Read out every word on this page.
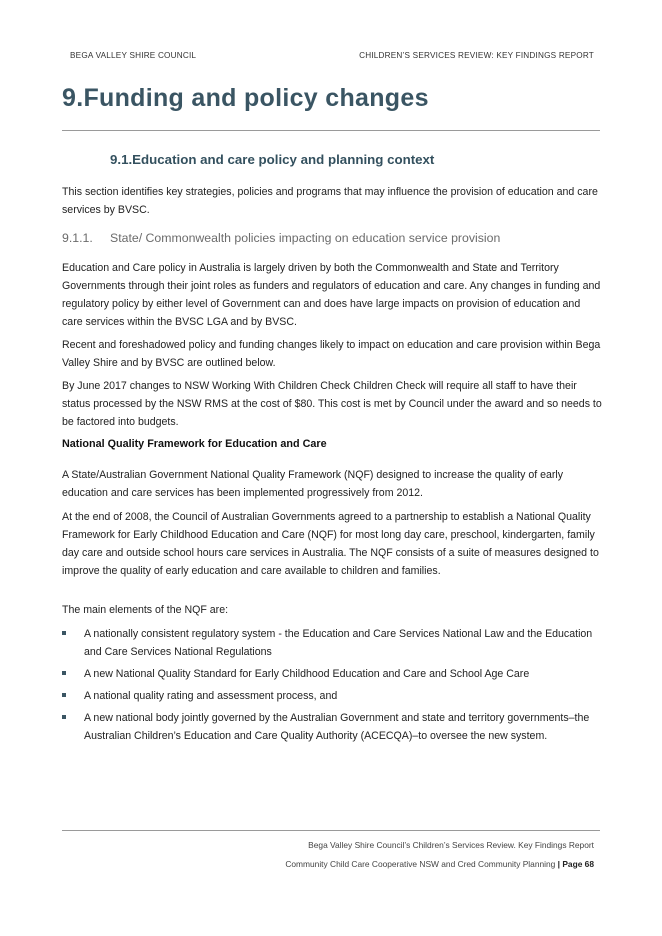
BEGA VALLEY SHIRE COUNCIL	CHILDREN’S SERVICES REVIEW: KEY FINDINGS REPORT
9.Funding and policy changes
9.1.Education and care policy and planning context

This section identifies key strategies, policies and programs that may influence the provision of education and care services by BVSC.

9.1.1. State/ Commonwealth policies impacting on education service provision

Education and Care policy in Australia is largely driven by both the Commonwealth and State and Territory Governments through their joint roles as funders and regulators of education and care. Any changes in funding and regulatory policy by either level of Government can and does have large impacts on provision of education and care services within the BVSC LGA and by BVSC.

Recent and foreshadowed policy and funding changes likely to impact on education and care provision within Bega Valley Shire and by BVSC are outlined below.

By June 2017 changes to NSW Working With Children Check Children Check will require all staff to have their status processed by the NSW RMS at the cost of $80. This cost is met by Council under the award and so needs to be factored into budgets.

National Quality Framework for Education and Care

A State/Australian Government National Quality Framework (NQF) designed to increase the quality of early education and care services has been implemented progressively from 2012.

At the end of 2008, the Council of Australian Governments agreed to a partnership to establish a National Quality Framework for Early Childhood Education and Care (NQF) for most long day care, preschool, kindergarten, family day care and outside school hours care services in Australia. The NQF consists of a suite of measures designed to improve the quality of early education and care available to children and families.

The main elements of the NQF are:

A nationally consistent regulatory system - the Education and Care Services National Law and the Education and Care Services National Regulations
A new National Quality Standard for Early Childhood Education and Care and School Age Care
A national quality rating and assessment process, and
A new national body jointly governed by the Australian Government and state and territory governments–the Australian Children’s Education and Care Quality Authority (ACECQA)–to oversee the new system.
Bega Valley Shire Council’s Children’s Services Review. Key Findings Report
Community Child Care Cooperative NSW and Cred Community Planning | Page 68
